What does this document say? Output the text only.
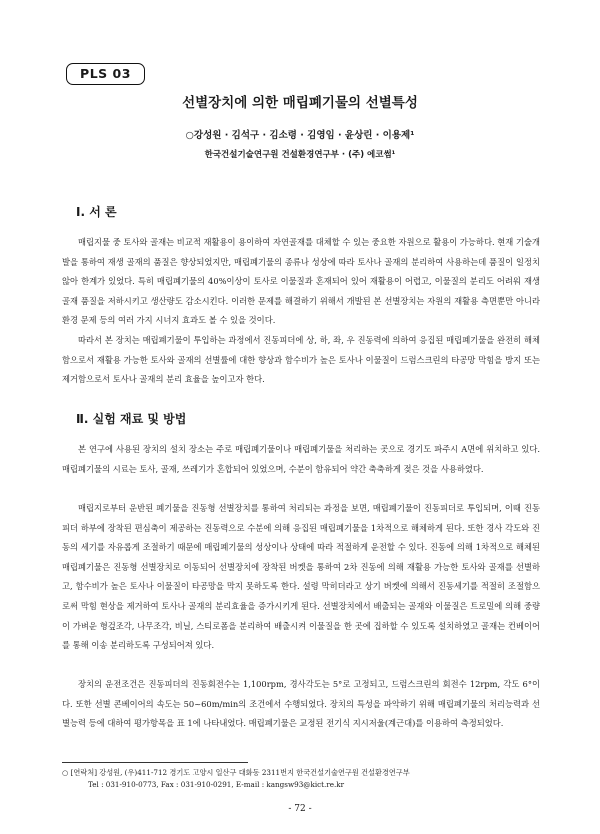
PLS 03
선별장치에 의한 매립폐기물의 선별특성
○강성원 · 김석구 · 김소령 · 김영임 · 윤상린 · 이용제¹
한국건설기술연구원 건설환경연구부 · (주) 에코썸¹
Ⅰ. 서 론

매립지물 중 토사와 골재는 비교적 재활용이 용이하여 자연골재를 대체할 수 있는 중요한 자원으로 활용이 가능하다. 현재 기술개발을 통하여 재생 골재의 품질은 향상되었지만, 매립폐기물의 종류나 성상에 따라 토사나 골재의 분리하여 사용하는데 품질이 일정치 않아 한계가 있었다. 특히 매립폐기물의 40%이상이 토사로 이물질과 혼재되어 있어 재활용이 어렵고, 이물질의 분리도 어려워 재생골재 품질을 저하시키고 생산량도 감소시킨다. 이러한 문제를 해결하기 위해서 개발된 본 선별장치는 자원의 재활용 측면뿐만 아니라 환경 문제 등의 여러 가지 시너지 효과도 볼 수 있을 것이다.

따라서 본 장치는 매립폐기물이 투입하는 과정에서 진동피더에 상, 하, 좌, 우 진동력에 의하여 응집된 매립폐기물을 완전히 해체함으로서 재활용 가능한 토사와 골재의 선별률에 대한 향상과 함수비가 높은 토사나 이물질이 드럼스크린의 타공망 막힘을 방지 또는 제거함으로서 토사나 골재의 분리 효율을 높이고자 한다.

Ⅱ. 실험 재료 및 방법

본 연구에 사용된 장치의 설치 장소는 주로 매립폐기물이나 매립폐기물을 처리하는 곳으로 경기도 파주시 A면에 위치하고 있다. 매립폐기물의 시료는 토사, 골재, 쓰레기가 혼합되어 있었으며, 수분이 함유되어 약간 축축하게 젖은 것을 사용하였다.

매립지로부터 운반된 폐기물을 진동형 선별장치를 통하여 처리되는 과정을 보면, 매립폐기물이 진동피더로 투입되며, 이때 진동피더 하부에 장착된 편심축이 제공하는 진동력으로 수분에 의해 응집된 매립폐기물을 1차적으로 해체하게 된다. 또한 경사 각도와 진동의 세기를 자유롭게 조절하기 때문에 매립폐기물의 성상이나 상태에 따라 적절하게 운전할 수 있다. 진동에 의해 1차적으로 해체된 매립폐기물은 진동형 선별장치로 이동되어 선별장치에 장착된 버켓을 통하여 2차 진동에 의해 재활용 가능한 토사와 골재를 선별하고, 함수비가 높은 토사나 이물질이 타공망을 막지 못하도록 한다. 설령 막히더라고 상기 버켓에 의해서 진동세기를 적절히 조절함으로써 막힘 현상을 제거하여 토사나 골재의 분리효율을 증가시키게 된다. 선별장치에서 배출되는 골재와 이물질은 트로밀에 의해 중량이 가벼운 형겊조각, 나무조각, 비닐, 스티로폼을 분리하여 배출시켜 이물질을 한 곳에 집하할 수 있도록 설치하였고 골재는 컨베이어를 통해 이송 분리하도록 구성되어져 있다.

장치의 운전조건은 진동피더의 진동회전수는 1,100rpm, 경사각도는 5°로 고정되고, 드럼스크린의 회전수 12rpm, 각도 6°이다. 또한 선별 콘베이어의 속도는 50~60m/min의 조건에서 수행되었다. 장치의 특성을 파악하기 위해 매립폐기물의 처리능력과 선별능력 등에 대하여 평가항목을 표 1에 나타내었다. 매립폐기물은 교정된 전기식 지시저울(계근대)를 이용하여 측정되었다.

○ [연락처] 강성원, (우)411-712 경기도 고양시 일산구 대화동 2311번지 한국건설기술연구원 건설환경연구부
Tel : 031-910-0773, Fax : 031-910-0291, E-mail : kangsw93@kict.re.kr
- 72 -
